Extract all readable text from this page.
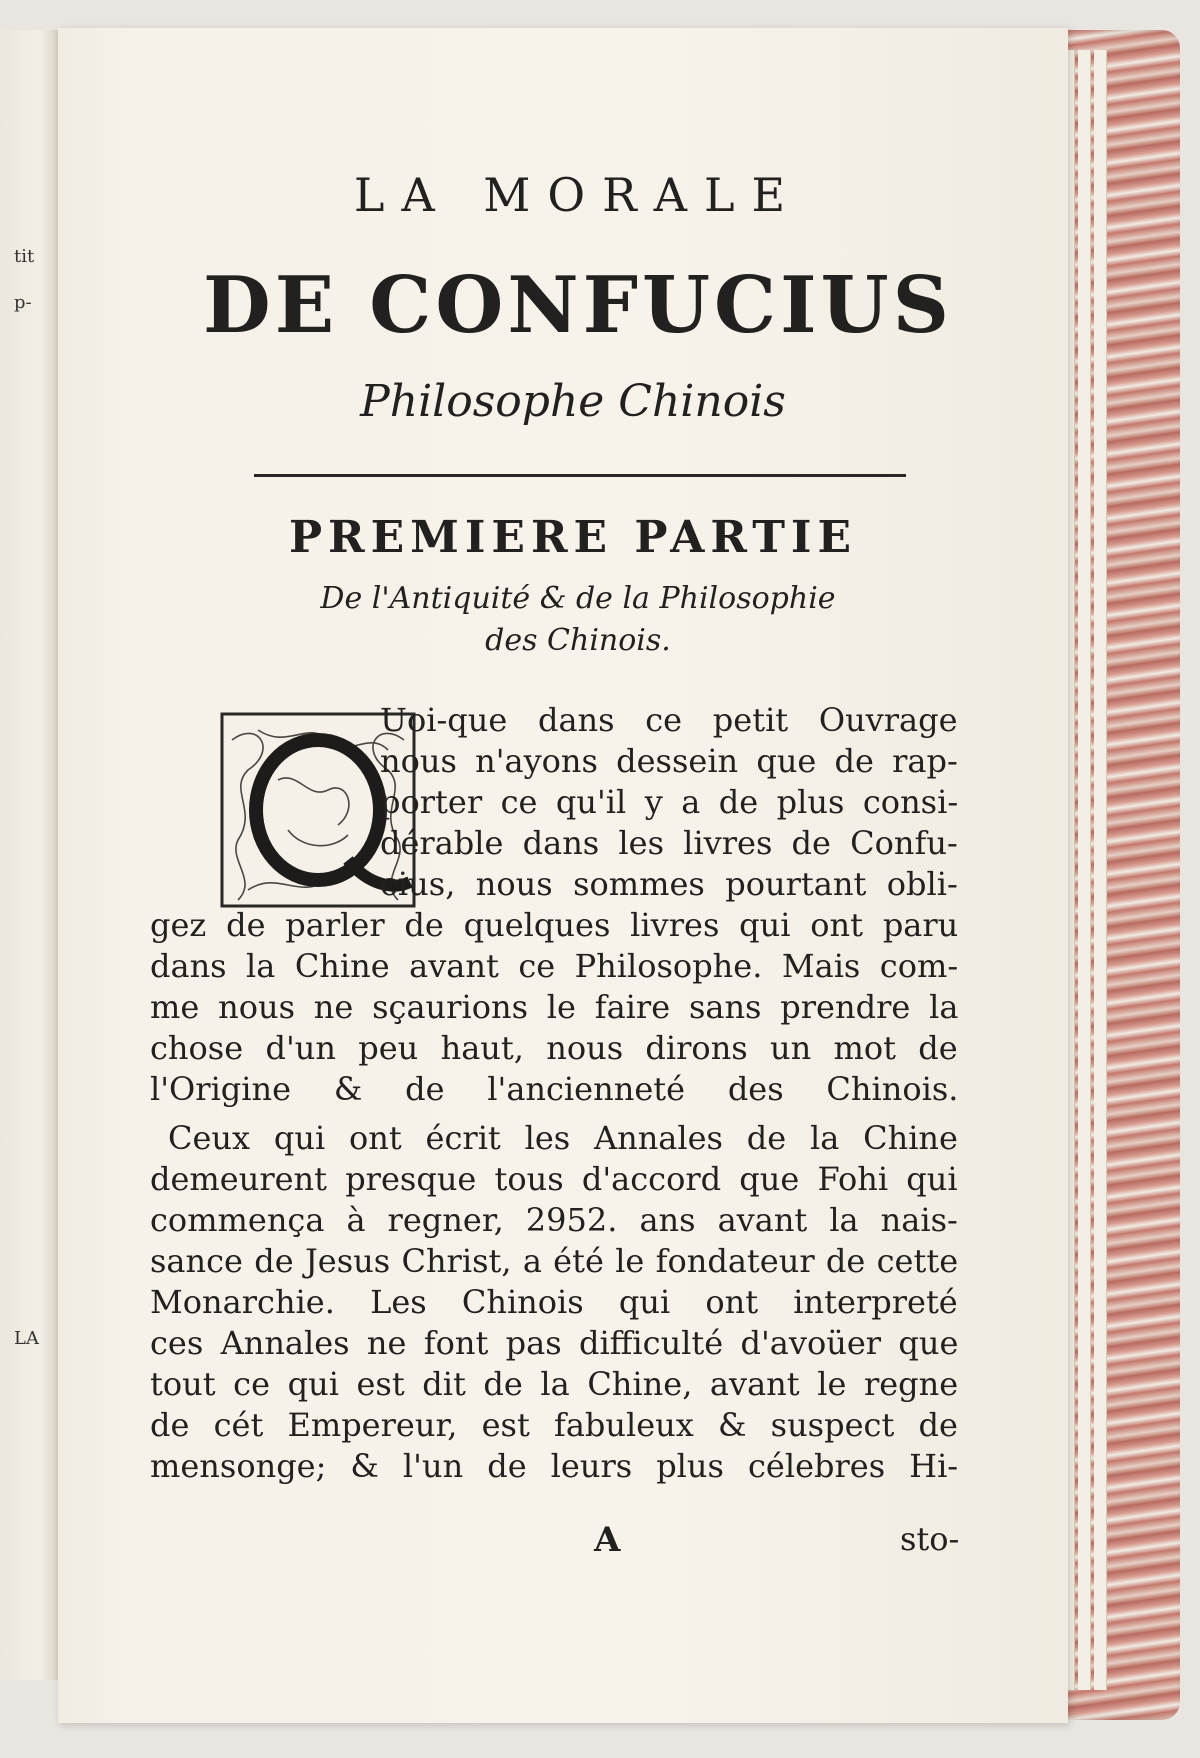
tit
p-
LA
LA MORALE
DE CONFUCIUS
Philosophe Chinois
PREMIERE PARTIE
De l'Antiquité & de la Philosophie
des Chinois.
Uoi-que dans ce petit Ouvrage
nous n'ayons dessein que de rap-
porter ce qu'il y a de plus consi-
dérable dans les livres de Confu-
cius, nous sommes pourtant obli-
gez de parler de quelques livres qui ont paru
dans la Chine avant ce Philosophe. Mais com-
me nous ne sçaurions le faire sans prendre la
chose d'un peu haut, nous dirons un mot de
l'Origine & de l'ancienneté des Chinois.
Ceux qui ont écrit les Annales de la Chine
demeurent presque tous d'accord que Fohi qui
commença à regner, 2952. ans avant la nais-
sance de Jesus Christ, a été le fondateur de cette
Monarchie. Les Chinois qui ont interpreté
ces Annales ne font pas difficulté d'avoüer que
tout ce qui est dit de la Chine, avant le regne
de cét Empereur, est fabuleux & suspect de
mensonge; & l'un de leurs plus célebres Hi-
A	sto-
